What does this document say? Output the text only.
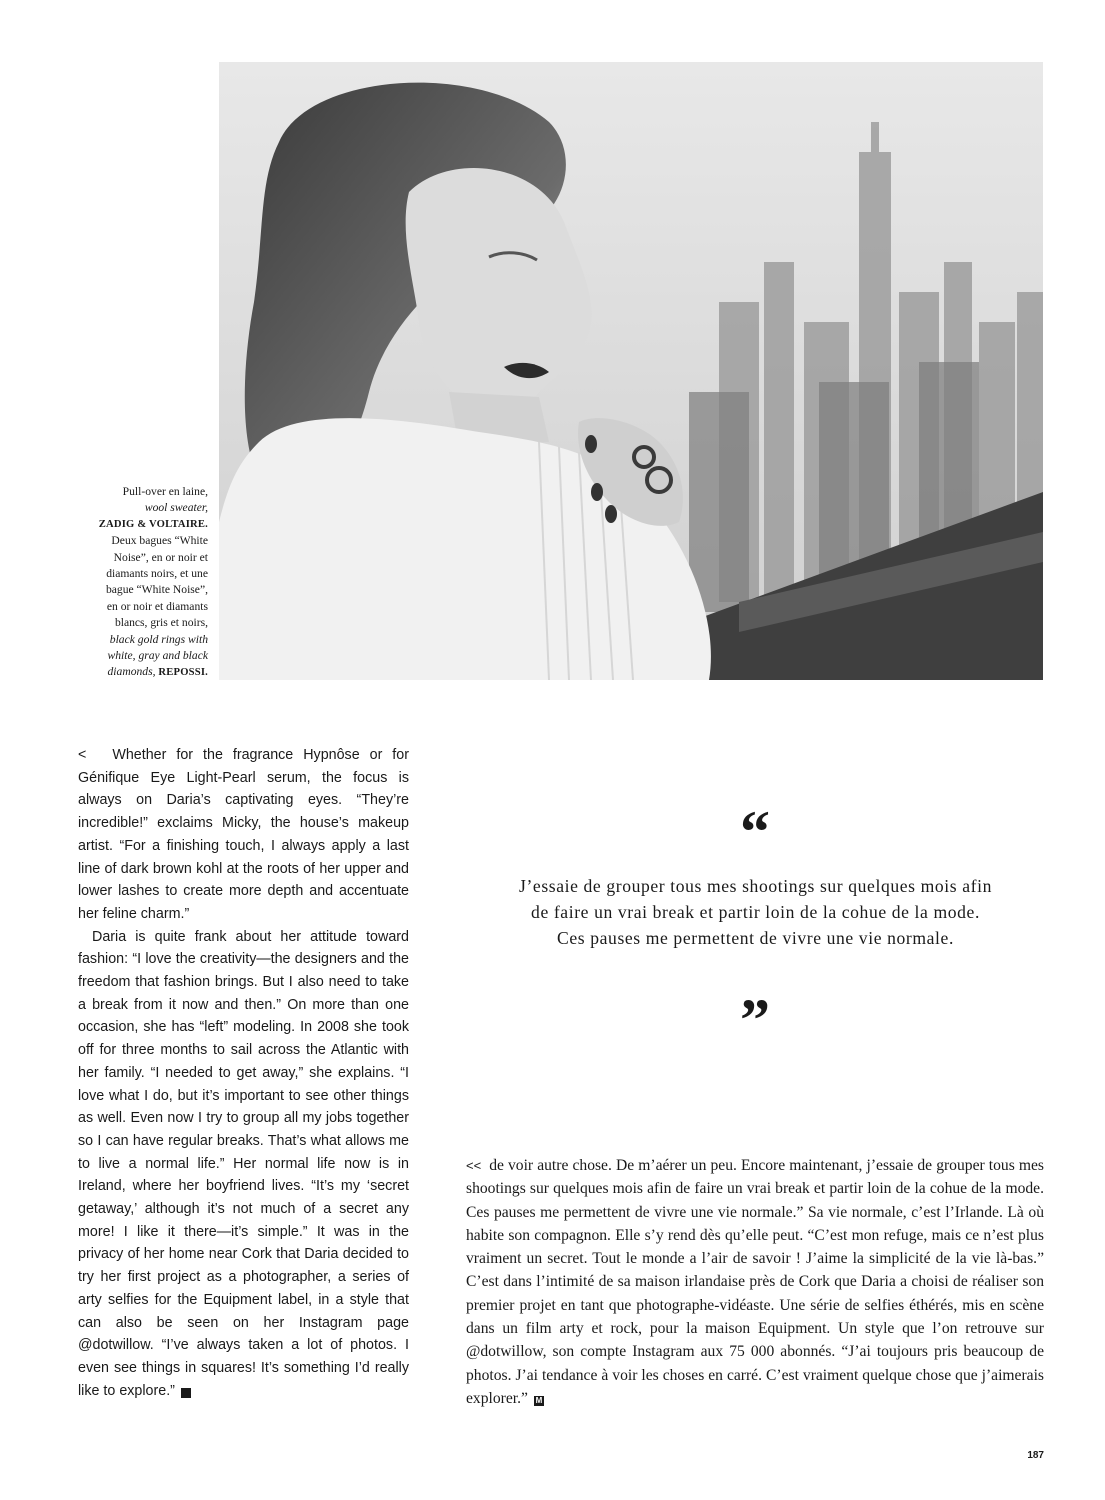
Pull-over en laine,
wool sweater,
ZADIG & VOLTAIRE.
Deux bagues “White
Noise”, en or noir et
diamants noirs, et une
bague “White Noise”,
en or noir et diamants
blancs, gris et noirs,
black gold rings with
white, gray and black
diamonds, REPOSSI.

< Whether for the fragrance Hypnôse or for Génifique Eye Light-Pearl serum, the focus is always on Daria’s captivating eyes. “They’re incredible!” exclaims Micky, the house’s makeup artist. “For a finishing touch, I always apply a last line of dark brown kohl at the roots of her upper and lower lashes to create more depth and accentuate her feline charm.”

Daria is quite frank about her attitude toward fashion: “I love the creativity—the designers and the freedom that fashion brings. But I also need to take a break from it now and then.” On more than one occasion, she has “left” modeling. In 2008 she took off for three months to sail across the Atlantic with her family. “I needed to get away,” she explains. “I love what I do, but it’s important to see other things as well. Even now I try to group all my jobs together so I can have regular breaks. That’s what allows me to live a normal life.” Her normal life now is in Ireland, where her boyfriend lives. “It’s my ‘secret getaway,’ although it’s not much of a secret any more! I like it there—it’s simple.” It was in the privacy of her home near Cork that Daria decided to try her first project as a photographer, a series of arty selfies for the Equipment label, in a style that can also be seen on her Instagram page @dotwillow. “I’ve always taken a lot of photos. I even see things in squares! It’s something I’d really like to explore.”	M

“
J’essaie de grouper tous mes shootings sur quelques mois afin
de faire un vrai break et partir loin de la cohue de la mode.
Ces pauses me permettent de vivre une vie normale.
”
<< de voir autre chose. De m’aérer un peu. Encore maintenant, j’essaie de grouper tous mes shootings sur quelques mois afin de faire un vrai break et partir loin de la cohue de la mode. Ces pauses me permettent de vivre une vie normale.” Sa vie normale, c’est l’Irlande. Là où habite son compagnon. Elle s’y rend dès qu’elle peut. “C’est mon refuge, mais ce n’est plus vraiment un secret. Tout le monde a l’air de savoir ! J’aime la simplicité de la vie là-bas.” C’est dans l’intimité de sa maison irlandaise près de Cork que Daria a choisi de réaliser son premier projet en tant que photographe-vidéaste. Une série de selfies éthérés, mis en scène dans un film arty et rock, pour la maison Equipment. Un style que l’on retrouve sur @dotwillow, son compte Instagram aux 75 000 abonnés. “J’ai toujours pris beaucoup de photos. J’ai tendance à voir les choses en carré. C’est vraiment quelque chose que j’aimerais explorer.” M
187
